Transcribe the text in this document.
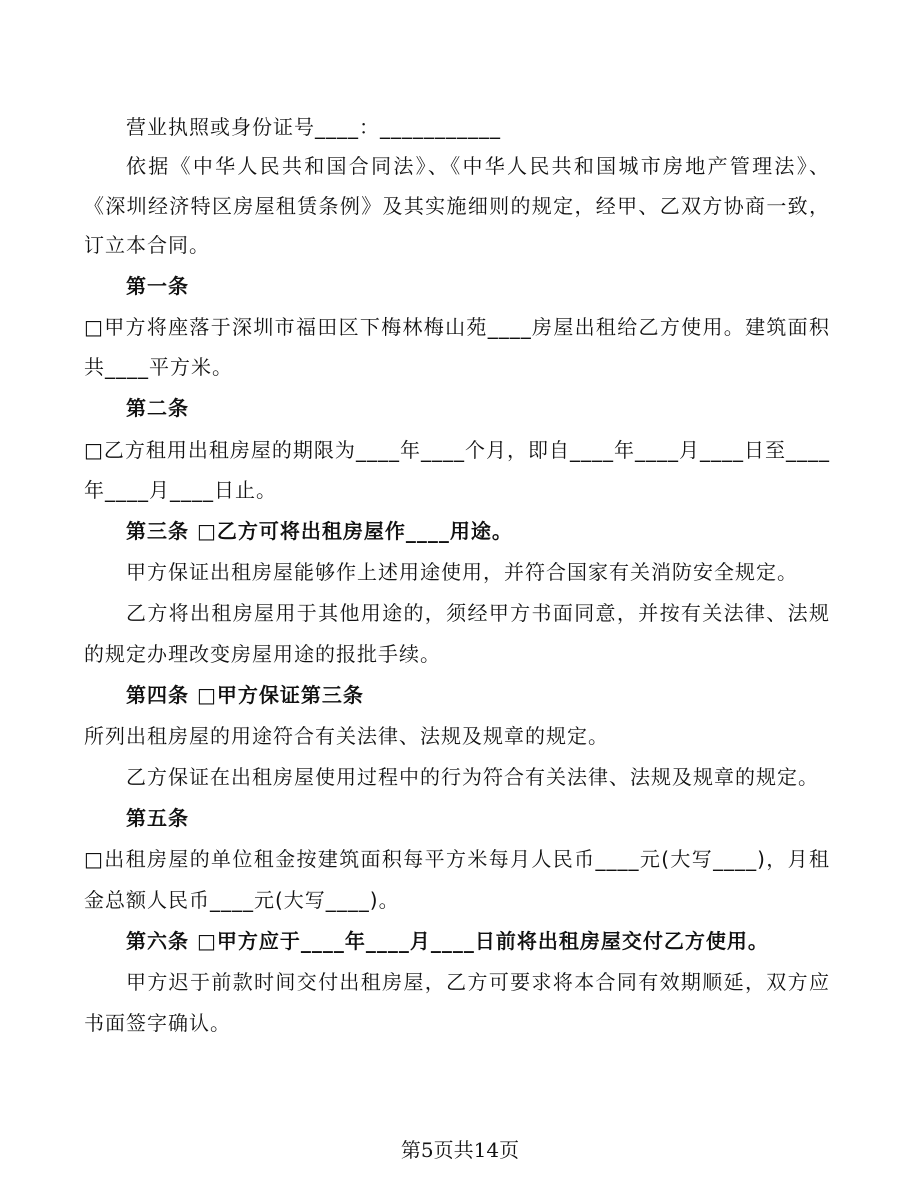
营业执照或身份证号____：___________
依据《中华人民共和国合同法》、《中华人民共和国城市房地产管理法》、
《深圳经济特区房屋租赁条例》及其实施细则的规定，经甲、乙双方协商一致，
订立本合同。
第一条
□甲方将座落于深圳市福田区下梅林梅山苑____房屋出租给乙方使用。建筑面积
共____平方米。
第二条
□乙方租用出租房屋的期限为____年____个月，即自____年____月____日至____
年____月____日止。
第三条 □乙方可将出租房屋作____用途。
甲方保证出租房屋能够作上述用途使用，并符合国家有关消防安全规定。
乙方将出租房屋用于其他用途的，须经甲方书面同意，并按有关法律、法规
的规定办理改变房屋用途的报批手续。
第四条 □甲方保证第三条
所列出租房屋的用途符合有关法律、法规及规章的规定。
乙方保证在出租房屋使用过程中的行为符合有关法律、法规及规章的规定。
第五条
□出租房屋的单位租金按建筑面积每平方米每月人民币____元(大写____)，月租
金总额人民币____元(大写____)。
第六条 □甲方应于____年____月____日前将出租房屋交付乙方使用。
甲方迟于前款时间交付出租房屋，乙方可要求将本合同有效期顺延，双方应
书面签字确认。
第5页共14页
